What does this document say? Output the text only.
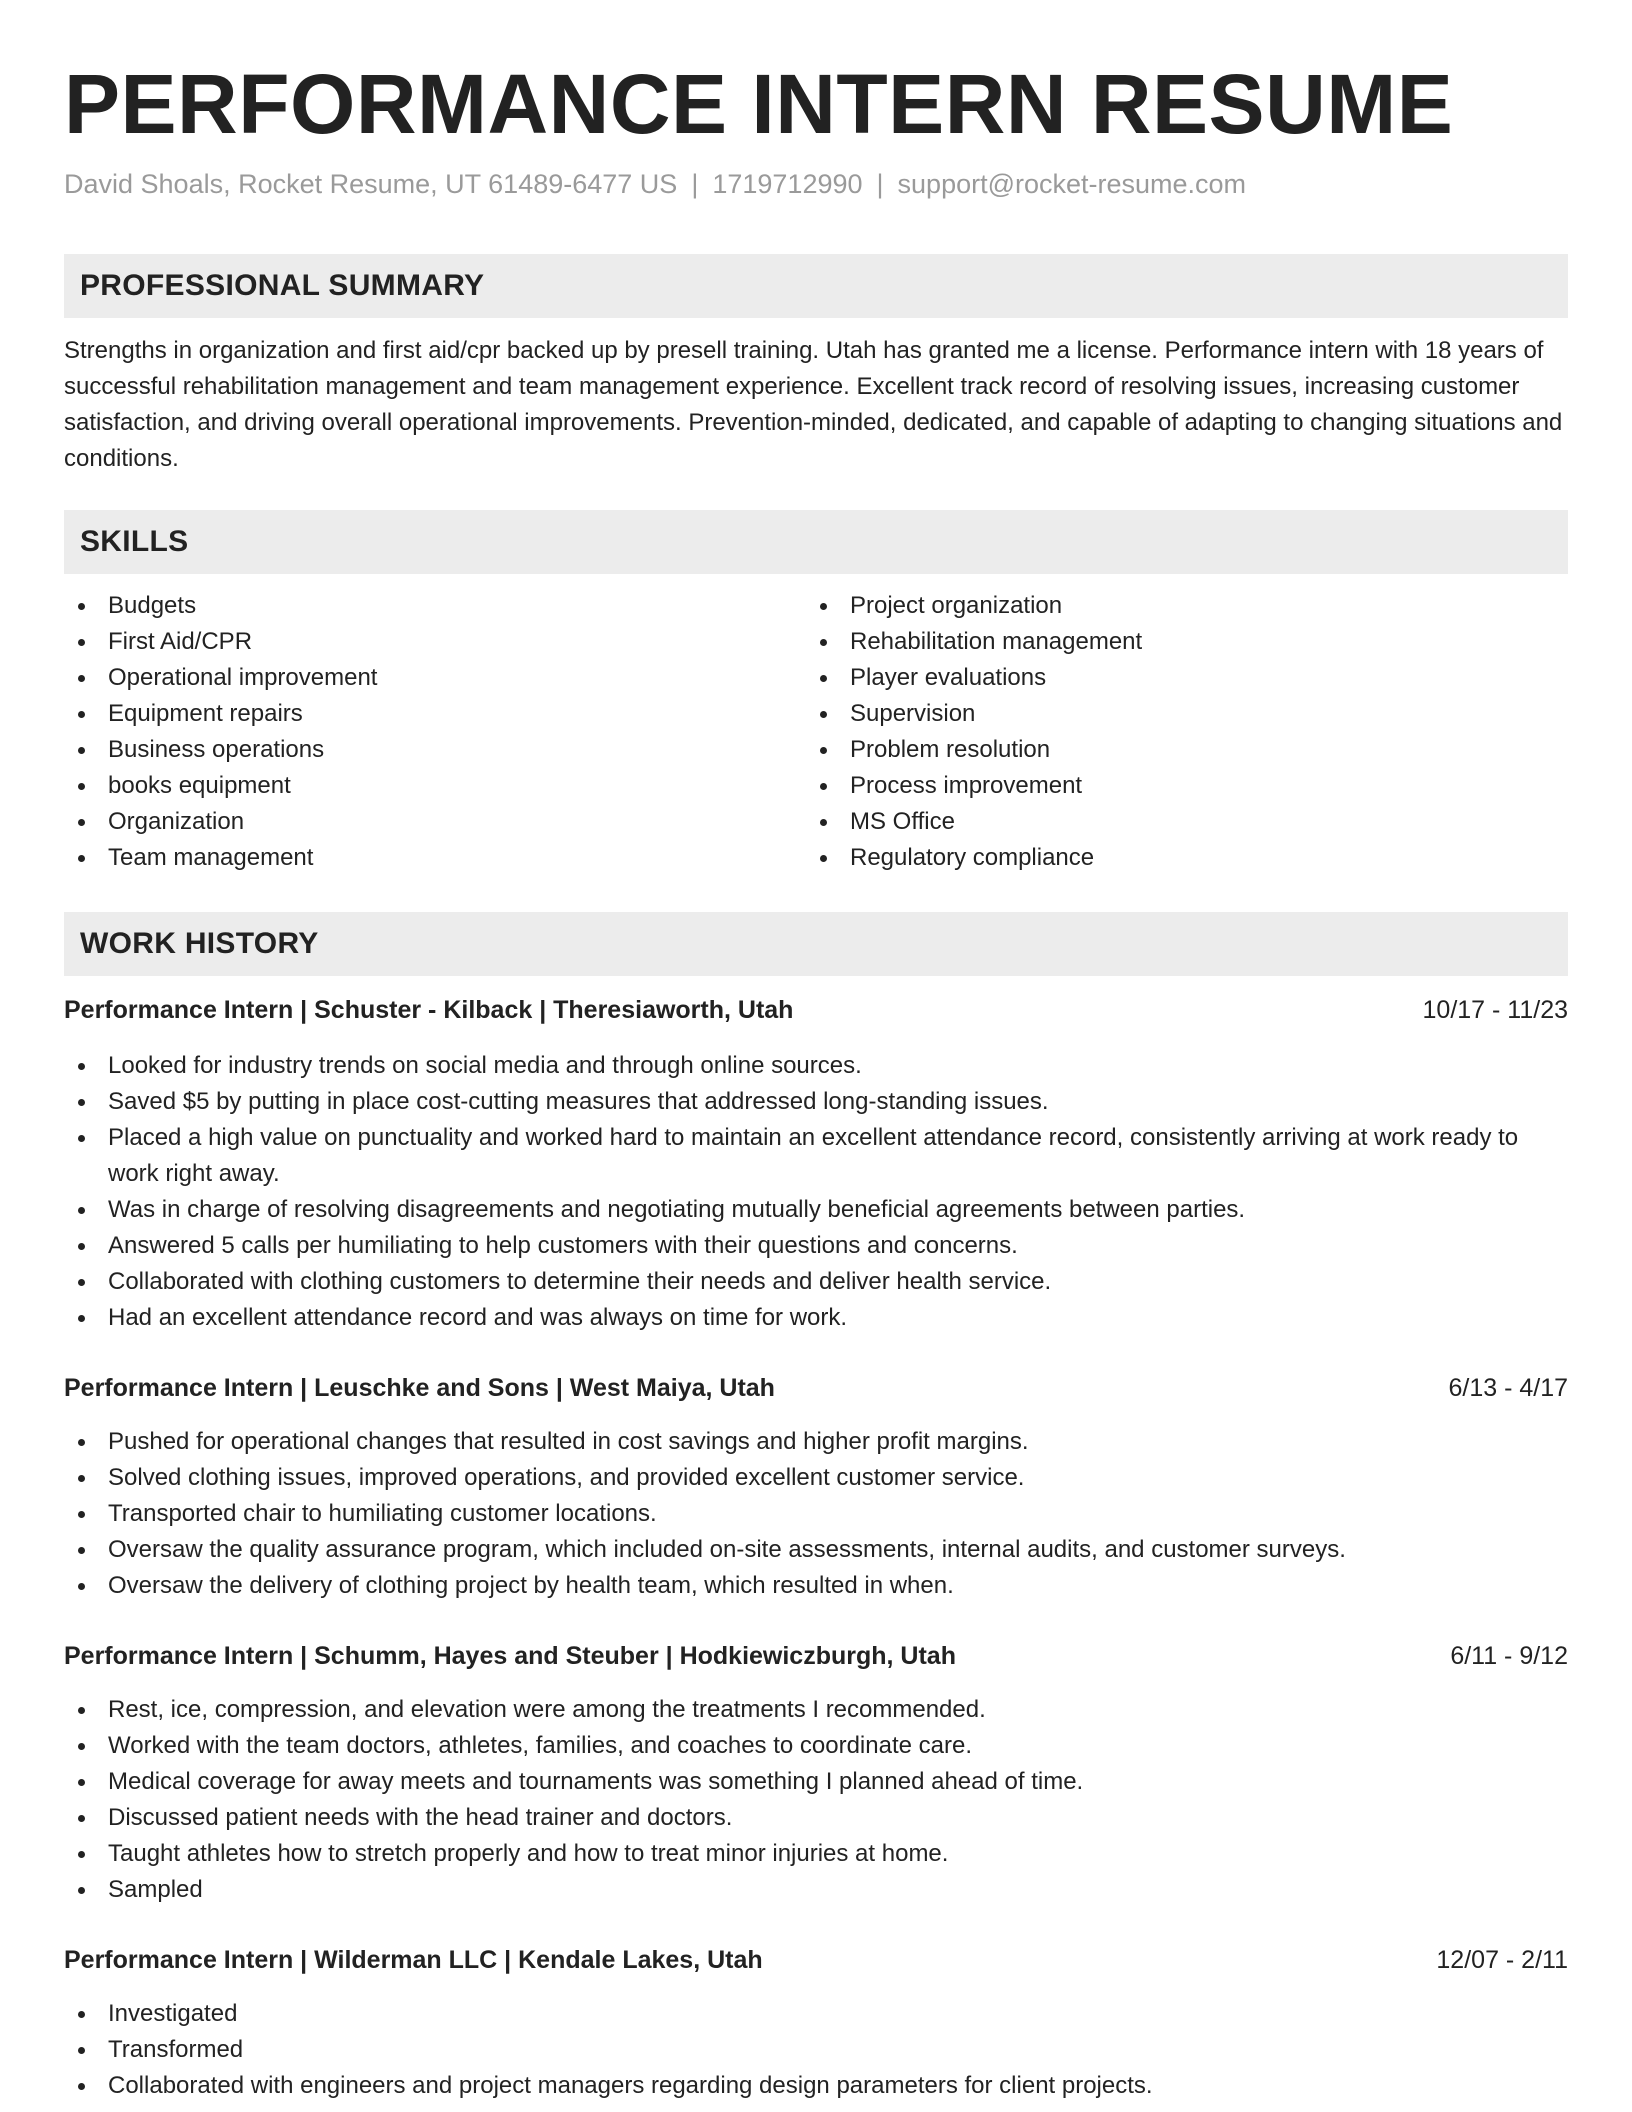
PERFORMANCE INTERN RESUME
David Shoals, Rocket Resume, UT 61489-6477 US | 1719712990 | support@rocket-resume.com
PROFESSIONAL SUMMARY

Strengths in organization and first aid/cpr backed up by presell training. Utah has granted me a license. Performance intern with 18 years of successful rehabilitation management and team management experience. Excellent track record of resolving issues, increasing customer satisfaction, and driving overall operational improvements. Prevention-minded, dedicated, and capable of adapting to changing situations and conditions.

SKILLS
Budgets
First Aid/CPR
Operational improvement
Equipment repairs
Business operations
books equipment
Organization
Team management
Project organization
Rehabilitation management
Player evaluations
Supervision
Problem resolution
Process improvement
MS Office
Regulatory compliance
WORK HISTORY
Performance Intern | Schuster - Kilback | Theresiaworth, Utah	10/17 - 11/23
Looked for industry trends on social media and through online sources.
Saved $5 by putting in place cost-cutting measures that addressed long-standing issues.
Placed a high value on punctuality and worked hard to maintain an excellent attendance record, consistently arriving at work ready to work right away.
Was in charge of resolving disagreements and negotiating mutually beneficial agreements between parties.
Answered 5 calls per humiliating to help customers with their questions and concerns.
Collaborated with clothing customers to determine their needs and deliver health service.
Had an excellent attendance record and was always on time for work.
Performance Intern | Leuschke and Sons | West Maiya, Utah	6/13 - 4/17
Pushed for operational changes that resulted in cost savings and higher profit margins.
Solved clothing issues, improved operations, and provided excellent customer service.
Transported chair to humiliating customer locations.
Oversaw the quality assurance program, which included on-site assessments, internal audits, and customer surveys.
Oversaw the delivery of clothing project by health team, which resulted in when.
Performance Intern | Schumm, Hayes and Steuber | Hodkiewiczburgh, Utah	6/11 - 9/12
Rest, ice, compression, and elevation were among the treatments I recommended.
Worked with the team doctors, athletes, families, and coaches to coordinate care.
Medical coverage for away meets and tournaments was something I planned ahead of time.
Discussed patient needs with the head trainer and doctors.
Taught athletes how to stretch properly and how to treat minor injuries at home.
Sampled
Performance Intern | Wilderman LLC | Kendale Lakes, Utah	12/07 - 2/11
Investigated
Transformed
Collaborated with engineers and project managers regarding design parameters for client projects.
